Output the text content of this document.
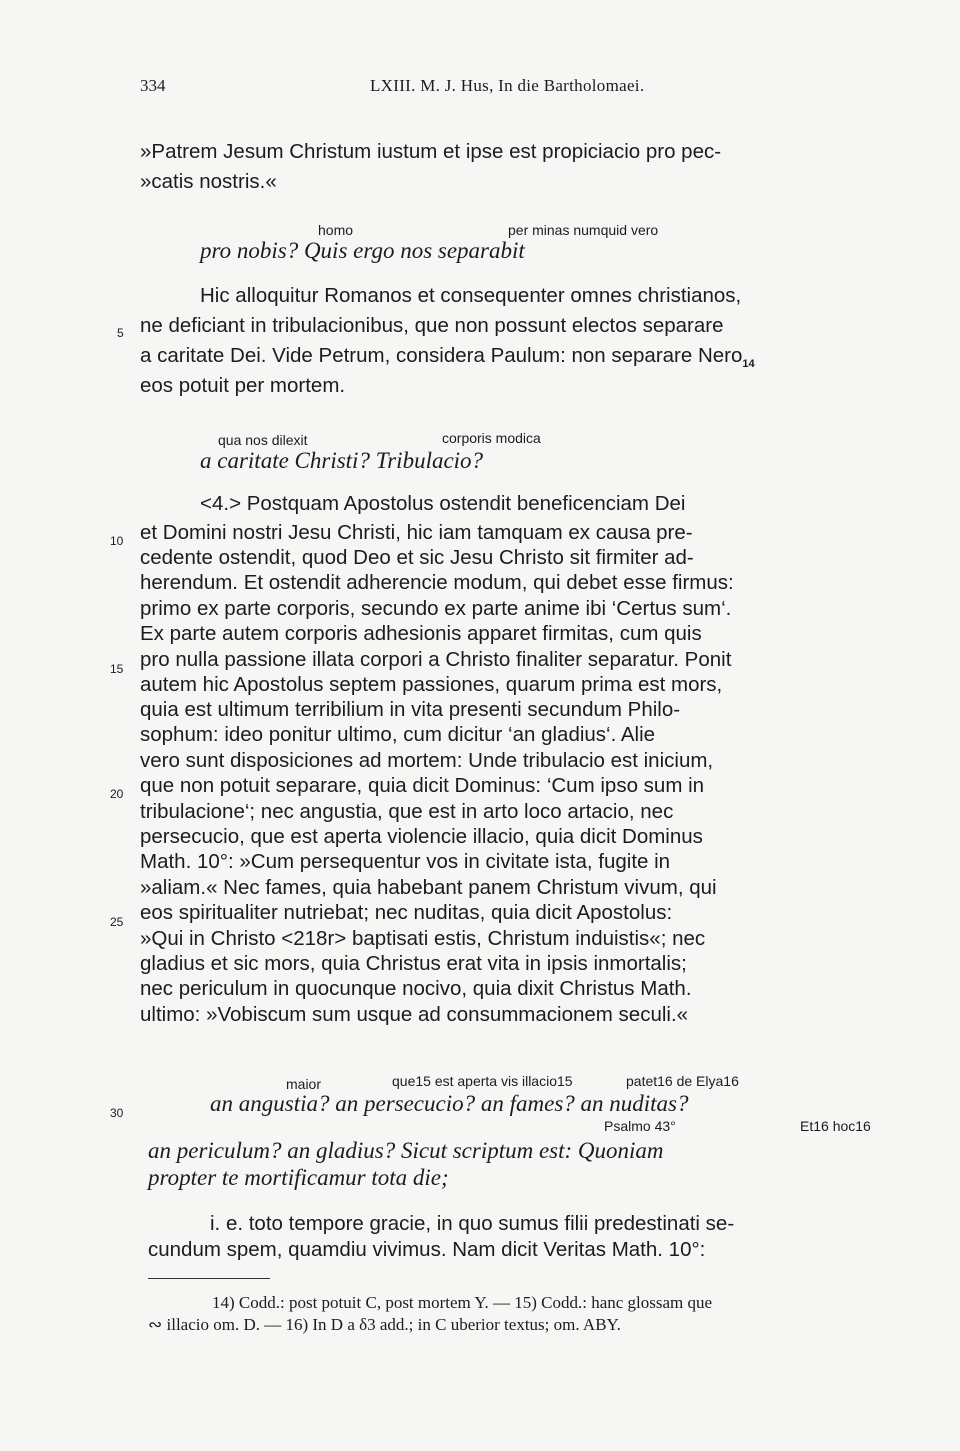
334	LXIII. M. J. Hus, In die Bartholomaei.
»Patrem Jesum Christum iustum et ipse est propiciacio pro pec-
»catis nostris.«
homo	per minas numquid vero
pro nobis? Quis ergo nos separabit
Hic alloquitur Romanos et consequenter omnes christianos,
5 ne deficiant in tribulacionibus, que non possunt electos separare
a caritate Dei. Vide Petrum, considera Paulum: non separare Nero$_{14}$
eos potuit per mortem.
qua nos dilexit	corporis modica
a caritate Christi? Tribulacio?
<4.> Postquam Apostolus ostendit beneficenciam Dei
10 et Domini nostri Jesu Christi, hic iam tamquam ex causa pre-
cedente ostendit, quod Deo et sic Jesu Christo sit firmiter ad-
herendum. Et ostendit adherencie modum, qui debet esse firmus:
primo ex parte corporis, secundo ex parte anime ibi ‘Certus sum‘.
Ex parte autem corporis adhesionis apparet firmitas, cum quis
15 pro nulla passione illata corpori a Christo finaliter separatur. Ponit
autem hic Apostolus septem passiones, quarum prima est mors,
quia est ultimum terribilium in vita presenti secundum Philo-
sophum: ideo ponitur ultimo, cum dicitur ‘an gladius‘. Alie
vero sunt disposiciones ad mortem: Unde tribulacio est inicium,
20 que non potuit separare, quia dicit Dominus: ‘Cum ipso sum in
tribulacione‘; nec angustia, que est in arto loco artacio, nec
persecucio, que est aperta violencie illacio, quia dicit Dominus
Math. 10°: »Cum persequentur vos in civitate ista, fugite in
»aliam.« Nec fames, quia habebant panem Christum vivum, qui
25 eos spiritualiter nutriebat; nec nuditas, quia dicit Apostolus:
»Qui in Christo <218r> baptisati estis, Christum induistis«; nec
gladius et sic mors, quia Christus erat vita in ipsis inmortalis;
nec periculum in quocunque nocivo, quia dixit Christus Math.
ultimo: »Vobiscum sum usque ad consummacionem seculi.«
maior	que15 est aperta vis illacio15	patet16 de Elya16
30	an angustia? an persecucio? an fames? an nuditas?
Psalmo 43°	Et16 hoc16
an periculum? an gladius? Sicut scriptum est: Quoniam
propter te mortificamur tota die;
i. e. toto tempore gracie, in quo sumus filii predestinati se-
cundum spem, quamdiu vivimus. Nam dicit Veritas Math. 10°:
14) Codd.: post potuit C, post mortem Y. — 15) Codd.: hanc glossam que
∾ illacio om. D. — 16) In D a δ3 add.; in C uberior textus; om. ABY.
